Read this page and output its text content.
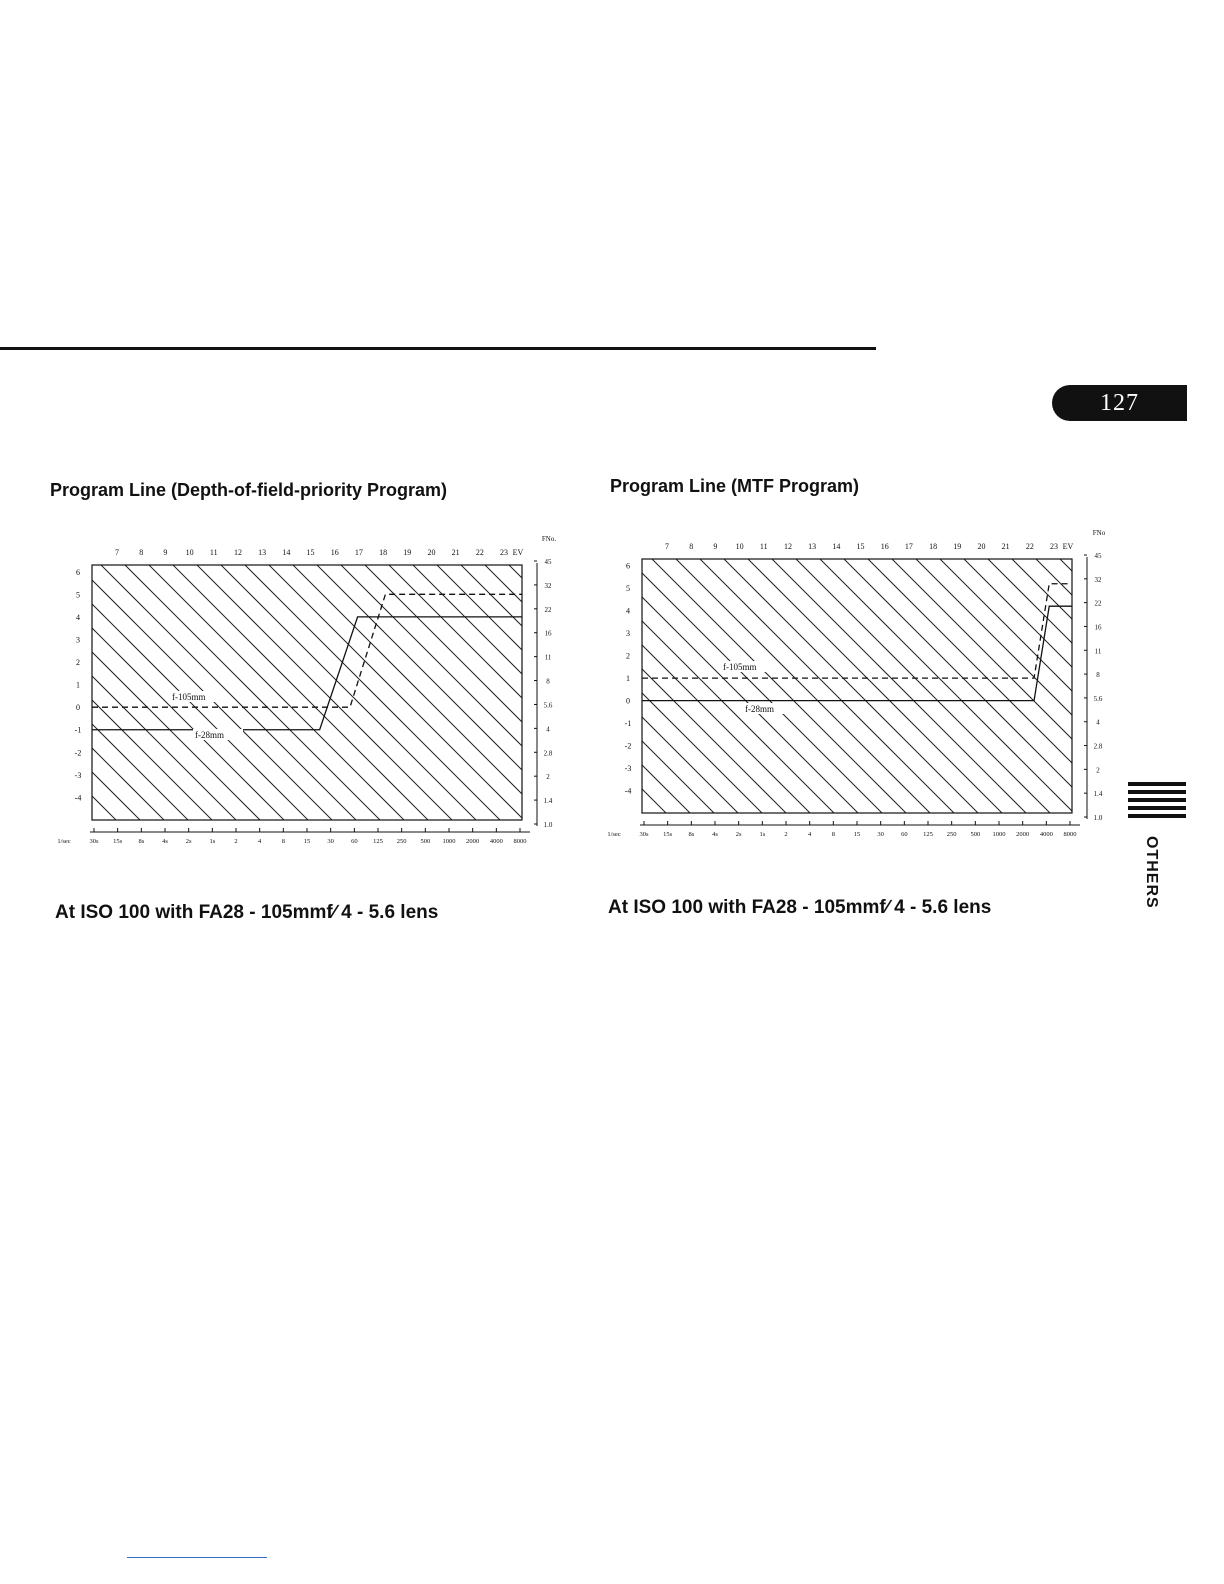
127
Program Line (Depth-of-field-priority Program)	Program Line (MTF Program)
7	8	9 10 11 12 13 14 15 16 17 18 19 20 21 22 23 EV
6
5
4
3
2
1
0
-1
-2
-3
-4
FNo.
45
32
22
16
11
8
5.6
4
2.8
2
1.4
1.0
30s 15s	8s	4s	2s	1s	2	4	8	15	30	60 125 250 500 1000 2000 4000 8000
1/sec
f-28mm
f-105mm
7	8	9 10 11 12 13 14 15 16 17 18 19 20 21 22 23 EV
6
5
4
3
2
1
0
-1
-2
-3
-4
FNo
45
32
22
16
11
8
5.6
4
2.8
2
1.4
1.0
30s 15s	8s	4s	2s	1s	2	4	8	15	30	60 125 250 500 1000 2000 4000 8000
1/sec
f-28mm
f-105mm
At ISO 100 with FA28 - 105mmf∕ 4 - 5.6 lens	At ISO 100 with FA28 - 105mmf∕ 4 - 5.6 lens	OTHERS
